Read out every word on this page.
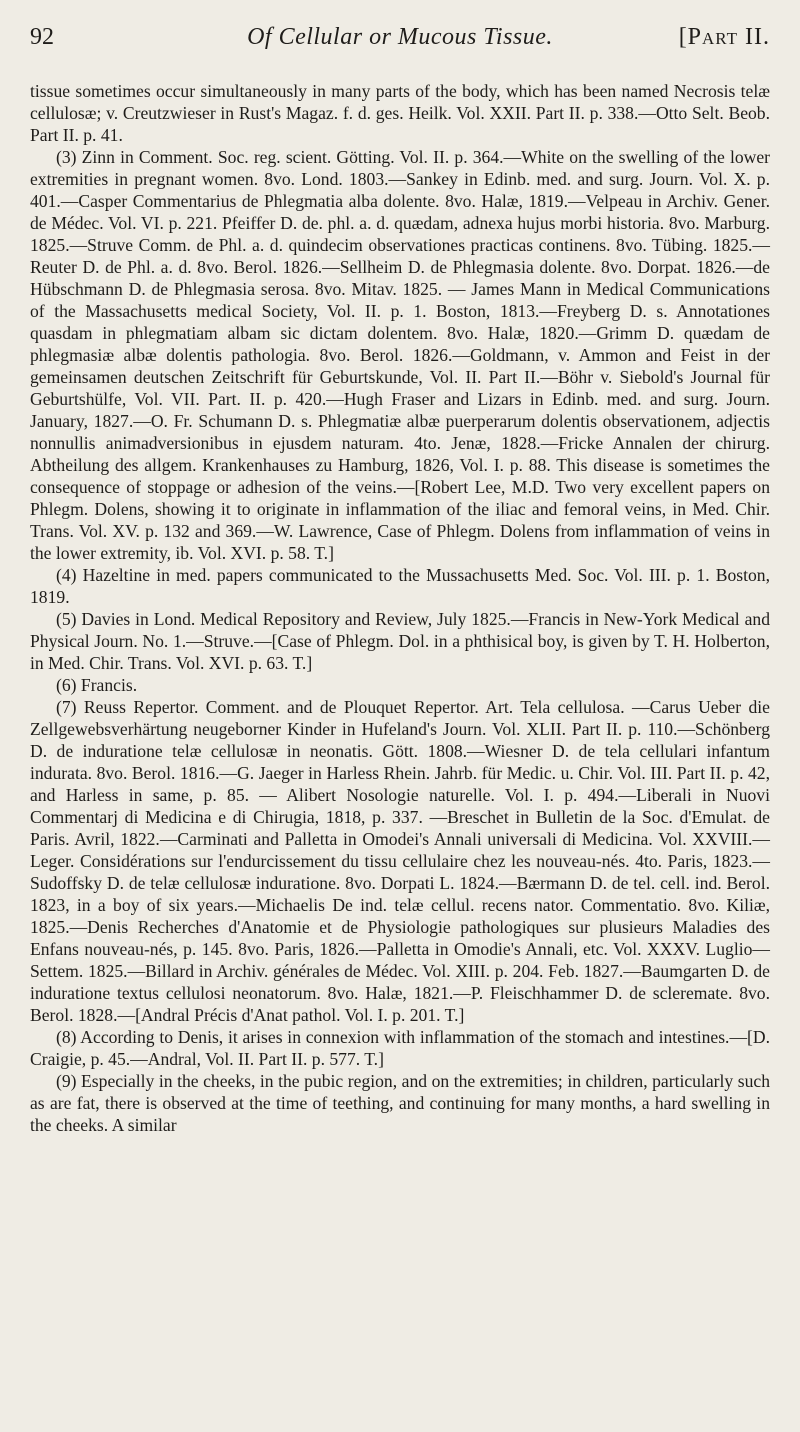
92	Of Cellular or Mucous Tissue.	[Part II.

tissue sometimes occur simultaneously in many parts of the body, which has been named Necrosis telæ cellulosæ; v. Creutzwieser in Rust's Magaz. f. d. ges. Heilk. Vol. XXII. Part II. p. 338.—Otto Selt. Beob. Part II. p. 41.

(3) Zinn in Comment. Soc. reg. scient. Götting. Vol. II. p. 364.—White on the swelling of the lower extremities in pregnant women. 8vo. Lond. 1803.—Sankey in Edinb. med. and surg. Journ. Vol. X. p. 401.—Casper Commentarius de Phlegmatia alba dolente. 8vo. Halæ, 1819.—Velpeau in Archiv. Gener. de Médec. Vol. VI. p. 221. Pfeiffer D. de. phl. a. d. quædam, adnexa hujus morbi historia. 8vo. Marburg. 1825.—Struve Comm. de Phl. a. d. quindecim observationes practicas continens. 8vo. Tübing. 1825.—Reuter D. de Phl. a. d. 8vo. Berol. 1826.—Sellheim D. de Phlegmasia dolente. 8vo. Dorpat. 1826.—de Hübschmann D. de Phlegmasia serosa. 8vo. Mitav. 1825. — James Mann in Medical Communications of the Massachusetts medical Society, Vol. II. p. 1. Boston, 1813.—Freyberg D. s. Annotationes quasdam in phlegmatiam albam sic dictam dolentem. 8vo. Halæ, 1820.—Grimm D. quædam de phlegmasiæ albæ dolentis pathologia. 8vo. Berol. 1826.—Goldmann, v. Ammon and Feist in der gemeinsamen deutschen Zeitschrift für Geburtskunde, Vol. II. Part II.—Böhr v. Siebold's Journal für Geburtshülfe, Vol. VII. Part. II. p. 420.—Hugh Fraser and Lizars in Edinb. med. and surg. Journ. January, 1827.—O. Fr. Schumann D. s. Phlegmatiæ albæ puerperarum dolentis observationem, adjectis nonnullis animadversionibus in ejusdem naturam. 4to. Jenæ, 1828.—Fricke Annalen der chirurg. Abtheilung des allgem. Krankenhauses zu Hamburg, 1826, Vol. I. p. 88. This disease is sometimes the consequence of stoppage or adhesion of the veins.—[Robert Lee, M.D. Two very excellent papers on Phlegm. Dolens, showing it to originate in inflammation of the iliac and femoral veins, in Med. Chir. Trans. Vol. XV. p. 132 and 369.—W. Lawrence, Case of Phlegm. Dolens from inflammation of veins in the lower extremity, ib. Vol. XVI. p. 58. T.]

(4) Hazeltine in med. papers communicated to the Mussachusetts Med. Soc. Vol. III. p. 1. Boston, 1819.

(5) Davies in Lond. Medical Repository and Review, July 1825.—Francis in New-York Medical and Physical Journ. No. 1.—Struve.—[Case of Phlegm. Dol. in a phthisical boy, is given by T. H. Holberton, in Med. Chir. Trans. Vol. XVI. p. 63. T.]

(6) Francis.

(7) Reuss Repertor. Comment. and de Plouquet Repertor. Art. Tela cellulosa. —Carus Ueber die Zellgewebsverhärtung neugeborner Kinder in Hufeland's Journ. Vol. XLII. Part II. p. 110.—Schönberg D. de induratione telæ cellulosæ in neonatis. Gött. 1808.—Wiesner D. de tela cellulari infantum indurata. 8vo. Berol. 1816.—G. Jaeger in Harless Rhein. Jahrb. für Medic. u. Chir. Vol. III. Part II. p. 42, and Harless in same, p. 85. — Alibert Nosologie naturelle. Vol. I. p. 494.—Liberali in Nuovi Commentarj di Medicina e di Chirugia, 1818, p. 337. —Breschet in Bulletin de la Soc. d'Emulat. de Paris. Avril, 1822.—Carminati and Palletta in Omodei's Annali universali di Medicina. Vol. XXVIII.—Leger. Considérations sur l'endurcissement du tissu cellulaire chez les nouveau-nés. 4to. Paris, 1823.—Sudoffsky D. de telæ cellulosæ induratione. 8vo. Dorpati L. 1824.—Bærmann D. de tel. cell. ind. Berol. 1823, in a boy of six years.—Michaelis De ind. telæ cellul. recens nator. Commentatio. 8vo. Kiliæ, 1825.—Denis Recherches d'Anatomie et de Physiologie pathologiques sur plusieurs Maladies des Enfans nouveau-nés, p. 145. 8vo. Paris, 1826.—Palletta in Omodie's Annali, etc. Vol. XXXV. Luglio—Settem. 1825.—Billard in Archiv. générales de Médec. Vol. XIII. p. 204. Feb. 1827.—Baumgarten D. de induratione textus cellulosi neonatorum. 8vo. Halæ, 1821.—P. Fleischhammer D. de scleremate. 8vo. Berol. 1828.—[Andral Précis d'Anat pathol. Vol. I. p. 201. T.]

(8) According to Denis, it arises in connexion with inflammation of the stomach and intestines.—[D. Craigie, p. 45.—Andral, Vol. II. Part II. p. 577. T.]

(9) Especially in the cheeks, in the pubic region, and on the extremities; in children, particularly such as are fat, there is observed at the time of teething, and continuing for many months, a hard swelling in the cheeks. A similar
